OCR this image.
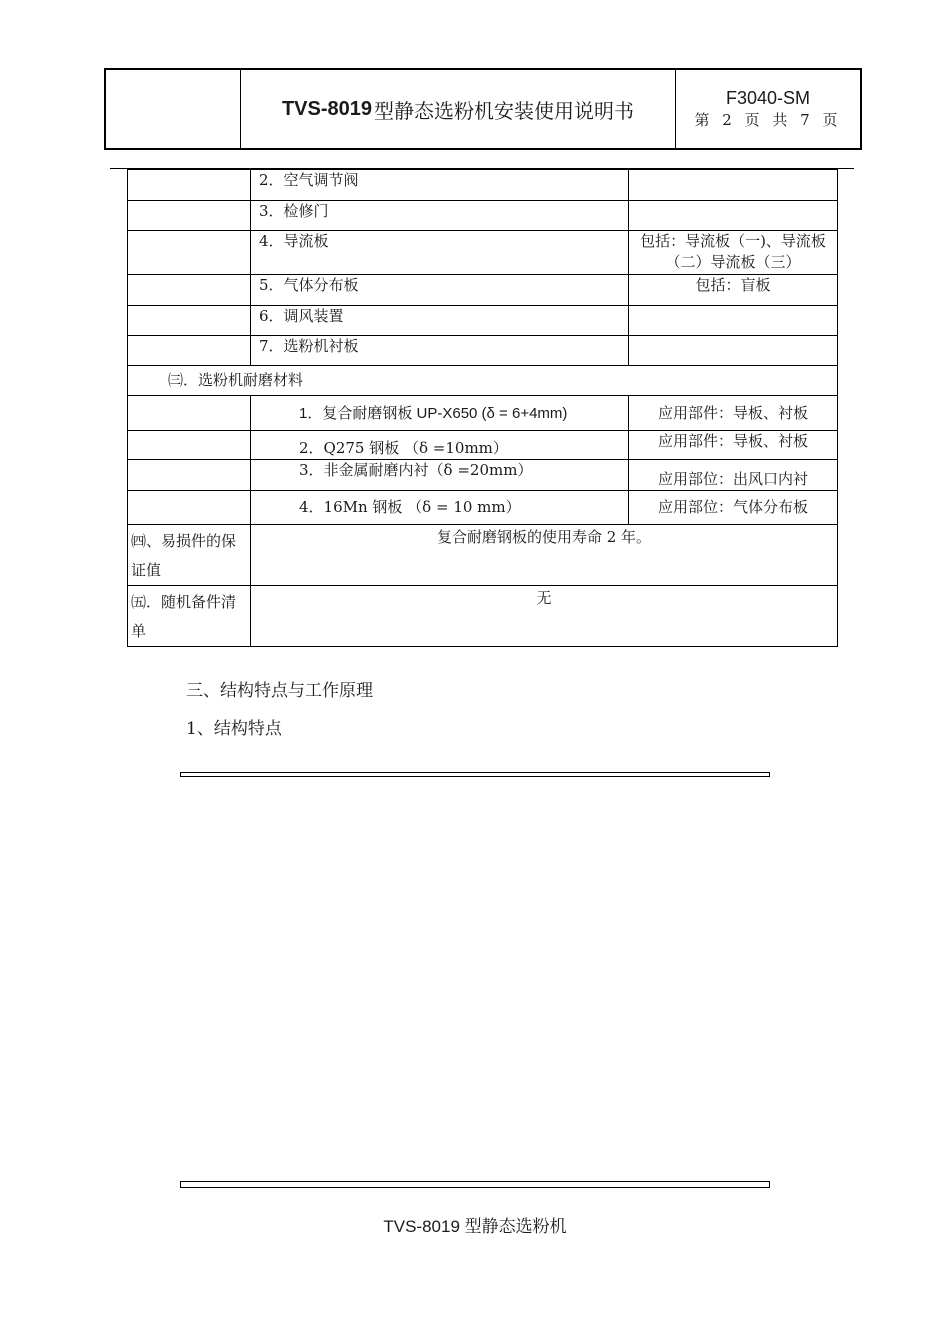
TVS-8019 型静态选粉机安装使用说明书
F3040-SM
第 2 页 共 7 页
	2．空气调节阀	
	3．检修门	
	4．导流板	包括：导流板（一)、导流板（二）导流板（三）
	5．气体分布板	包括：盲板
	6．调风装置	
	7．选粉机衬板	
㈢．选粉机耐磨材料		
	1．复合耐磨钢板 UP-X650 (δ = 6+4mm)	应用部件：导板、衬板
	2．Q275 钢板 （δ =10mm）	应用部件：导板、衬板
	3．非金属耐磨内衬（δ =20mm）	应用部位：出风口内衬
	4．16Mn 钢板 （δ = 10 mm）	应用部位：气体分布板
㈣、易损件的保证值	复合耐磨钢板的使用寿命 2 年。	
㈤．随机备件清单	无	
三、结构特点与工作原理
1、结构特点
TVS-8019 型静态选粉机
